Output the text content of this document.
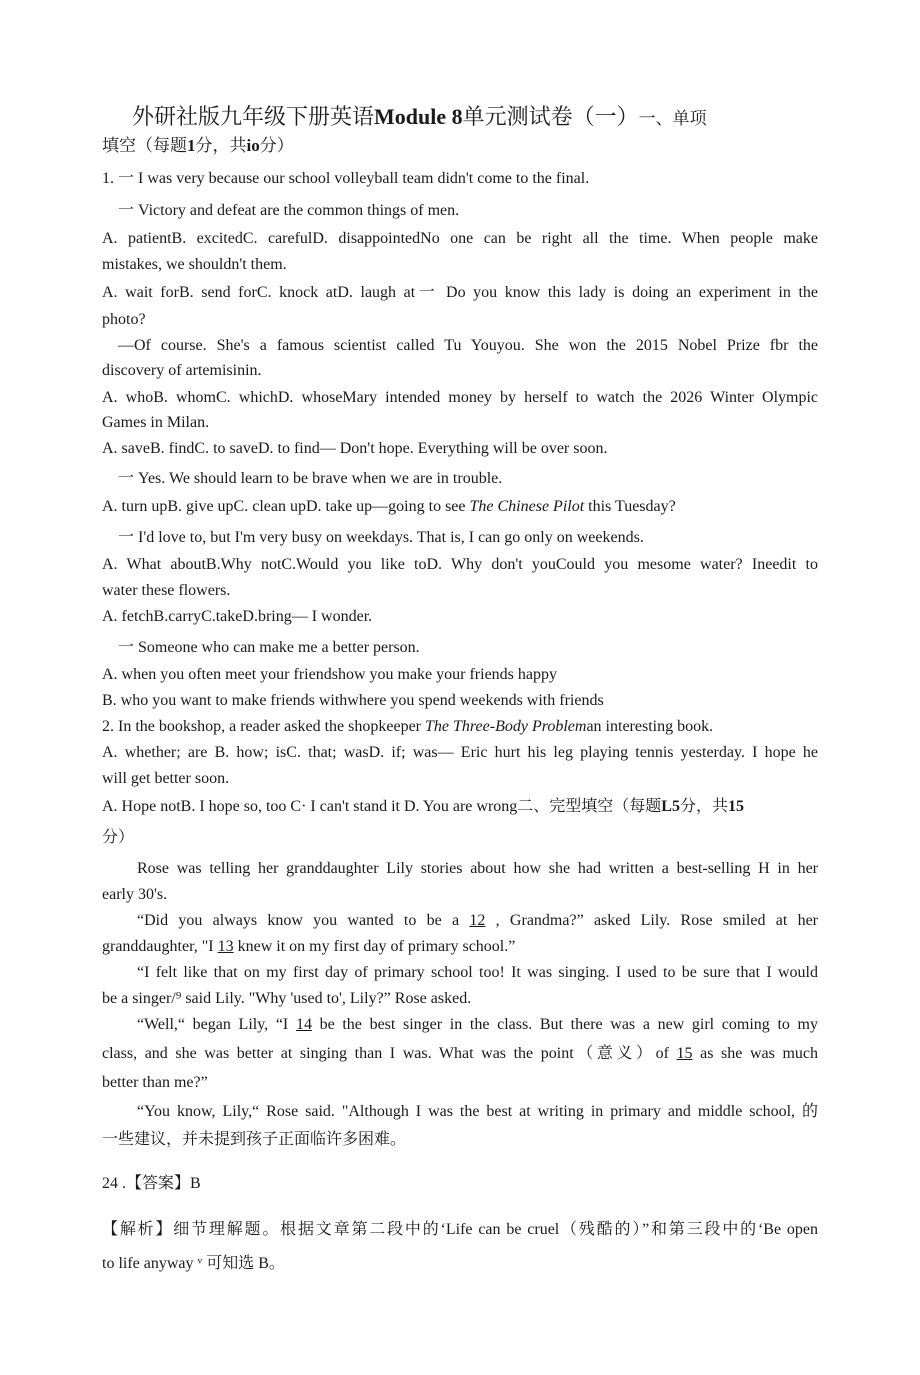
外研社版九年级下册英语Module 8单元测试卷（一）一、单项
填空（每题1分，共io分）
1. 一 I was very because our school volleyball team didn't come to the final.
一 Victory and defeat are the common things of men.
A. patientB. excitedC. carefulD. disappointedNo one can be right all the time. When people make
mistakes, we shouldn't them.
A. wait forB. send forC. knock atD. laugh at一 Do you know this lady is doing an experiment in the
photo?
—Of course. She's a famous scientist called Tu Youyou. She won the 2015 Nobel Prize fbr the
discovery of artemisinin.
A. whoB. whomC. whichD. whoseMary intended money by herself to watch the 2026 Winter Olympic
Games in Milan.
A. saveB. findC. to saveD. to find— Don't hope. Everything will be over soon.
一 Yes. We should learn to be brave when we are in trouble.
A. turn upB. give upC. clean upD. take up—going to see The Chinese Pilot this Tuesday?
一 I'd love to, but I'm very busy on weekdays. That is, I can go only on weekends.
A. What aboutB.Why notC.Would you like toD. Why don't youCould you mesome water? Ineedit to
water these flowers.
A. fetchB.carryC.takeD.bring— I wonder.
一 Someone who can make me a better person.
A. when you often meet your friendshow you make your friends happy
B. who you want to make friends withwhere you spend weekends with friends
2. In the bookshop, a reader asked the shopkeeper The Three-Body Probleman interesting book.
A. whether; are B. how; isC. that; wasD. if; was— Eric hurt his leg playing tennis yesterday. I hope he
will get better soon.
A. Hope notB. I hope so, too C· I can't stand it D. You are wrong二、完型填空（每题L5分，共15
分）
Rose was telling her granddaughter Lily stories about how she had written a best-selling H in her
early 30's.
“Did you always know you wanted to be a 12 , Grandma?” asked Lily. Rose smiled at her
granddaughter, "I 13 knew it on my first day of primary school.”
“I felt like that on my first day of primary school too! It was singing. I used to be sure that I would
be a singer/⁹ said Lily. "Why 'used to', Lily?” Rose asked.
“Well,“ began Lily, “I 14 be the best singer in the class. But there was a new girl coming to my
class, and she was better at singing than I was. What was the point（意义）of 15 as she was much
better than me?”
“You know, Lily,“ Rose said. "Although I was the best at writing in primary and middle school, 的
一些建议，并未提到孩子正面临许多困难。
24 .【答案】B
【解析】细节理解题。根据文章第二段中的‘Life can be cruel（残酷的）”和第三段中的‘Be open
to life anyway ᵛ 可知选 B。
